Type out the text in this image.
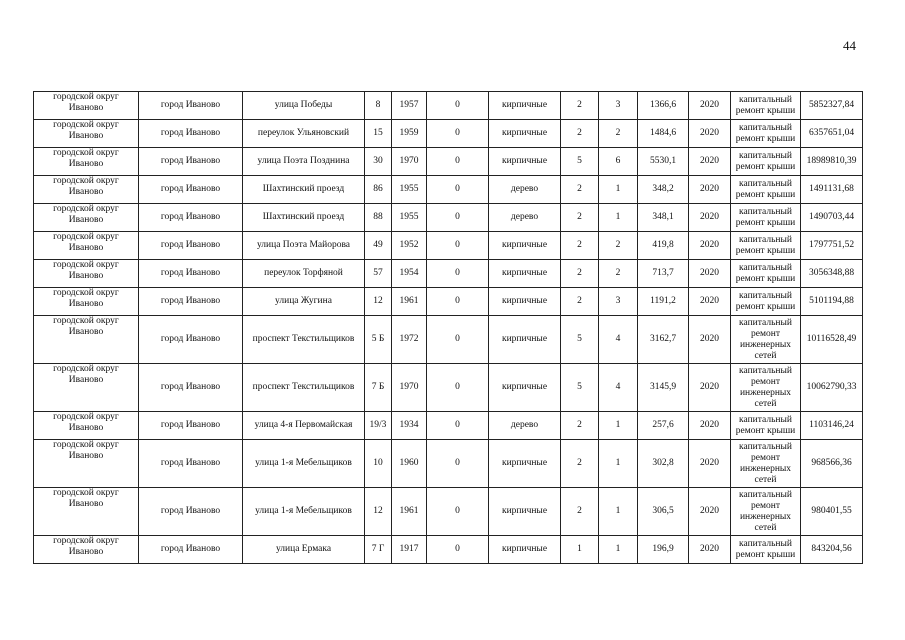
44
городской округ Иваново	город Иваново	улица Победы	8	1957	0	кирпичные	2	3	1366,6	2020	капитальный ремонт крыши	5852327,84
городской округ Иваново	город Иваново	переулок Ульяновский	15	1959	0	кирпичные	2	2	1484,6	2020	капитальный ремонт крыши	6357651,04
городской округ Иваново	город Иваново	улица Поэта Позднина	30	1970	0	кирпичные	5	6	5530,1	2020	капитальный ремонт крыши	18989810,39
городской округ Иваново	город Иваново	Шахтинский проезд	86	1955	0	дерево	2	1	348,2	2020	капитальный ремонт крыши	1491131,68
городской округ Иваново	город Иваново	Шахтинский проезд	88	1955	0	дерево	2	1	348,1	2020	капитальный ремонт крыши	1490703,44
городской округ Иваново	город Иваново	улица Поэта Майорова	49	1952	0	кирпичные	2	2	419,8	2020	капитальный ремонт крыши	1797751,52
городской округ Иваново	город Иваново	переулок Торфяной	57	1954	0	кирпичные	2	2	713,7	2020	капитальный ремонт крыши	3056348,88
городской округ Иваново	город Иваново	улица Жугина	12	1961	0	кирпичные	2	3	1191,2	2020	капитальный ремонт крыши	5101194,88
городской округ Иваново	город Иваново	проспект Текстильщиков	5 Б	1972	0	кирпичные	5	4	3162,7	2020	капитальный ремонт инженерных сетей	10116528,49
городской округ Иваново	город Иваново	проспект Текстильщиков	7 Б	1970	0	кирпичные	5	4	3145,9	2020	капитальный ремонт инженерных сетей	10062790,33
городской округ Иваново	город Иваново	улица 4-я Первомайская	19/3	1934	0	дерево	2	1	257,6	2020	капитальный ремонт крыши	1103146,24
городской округ Иваново	город Иваново	улица 1-я Мебельщиков	10	1960	0	кирпичные	2	1	302,8	2020	капитальный ремонт инженерных сетей	968566,36
городской округ Иваново	город Иваново	улица 1-я Мебельщиков	12	1961	0	кирпичные	2	1	306,5	2020	капитальный ремонт инженерных сетей	980401,55
городской округ Иваново	город Иваново	улица Ермака	7 Г	1917	0	кирпичные	1	1	196,9	2020	капитальный ремонт крыши	843204,56
